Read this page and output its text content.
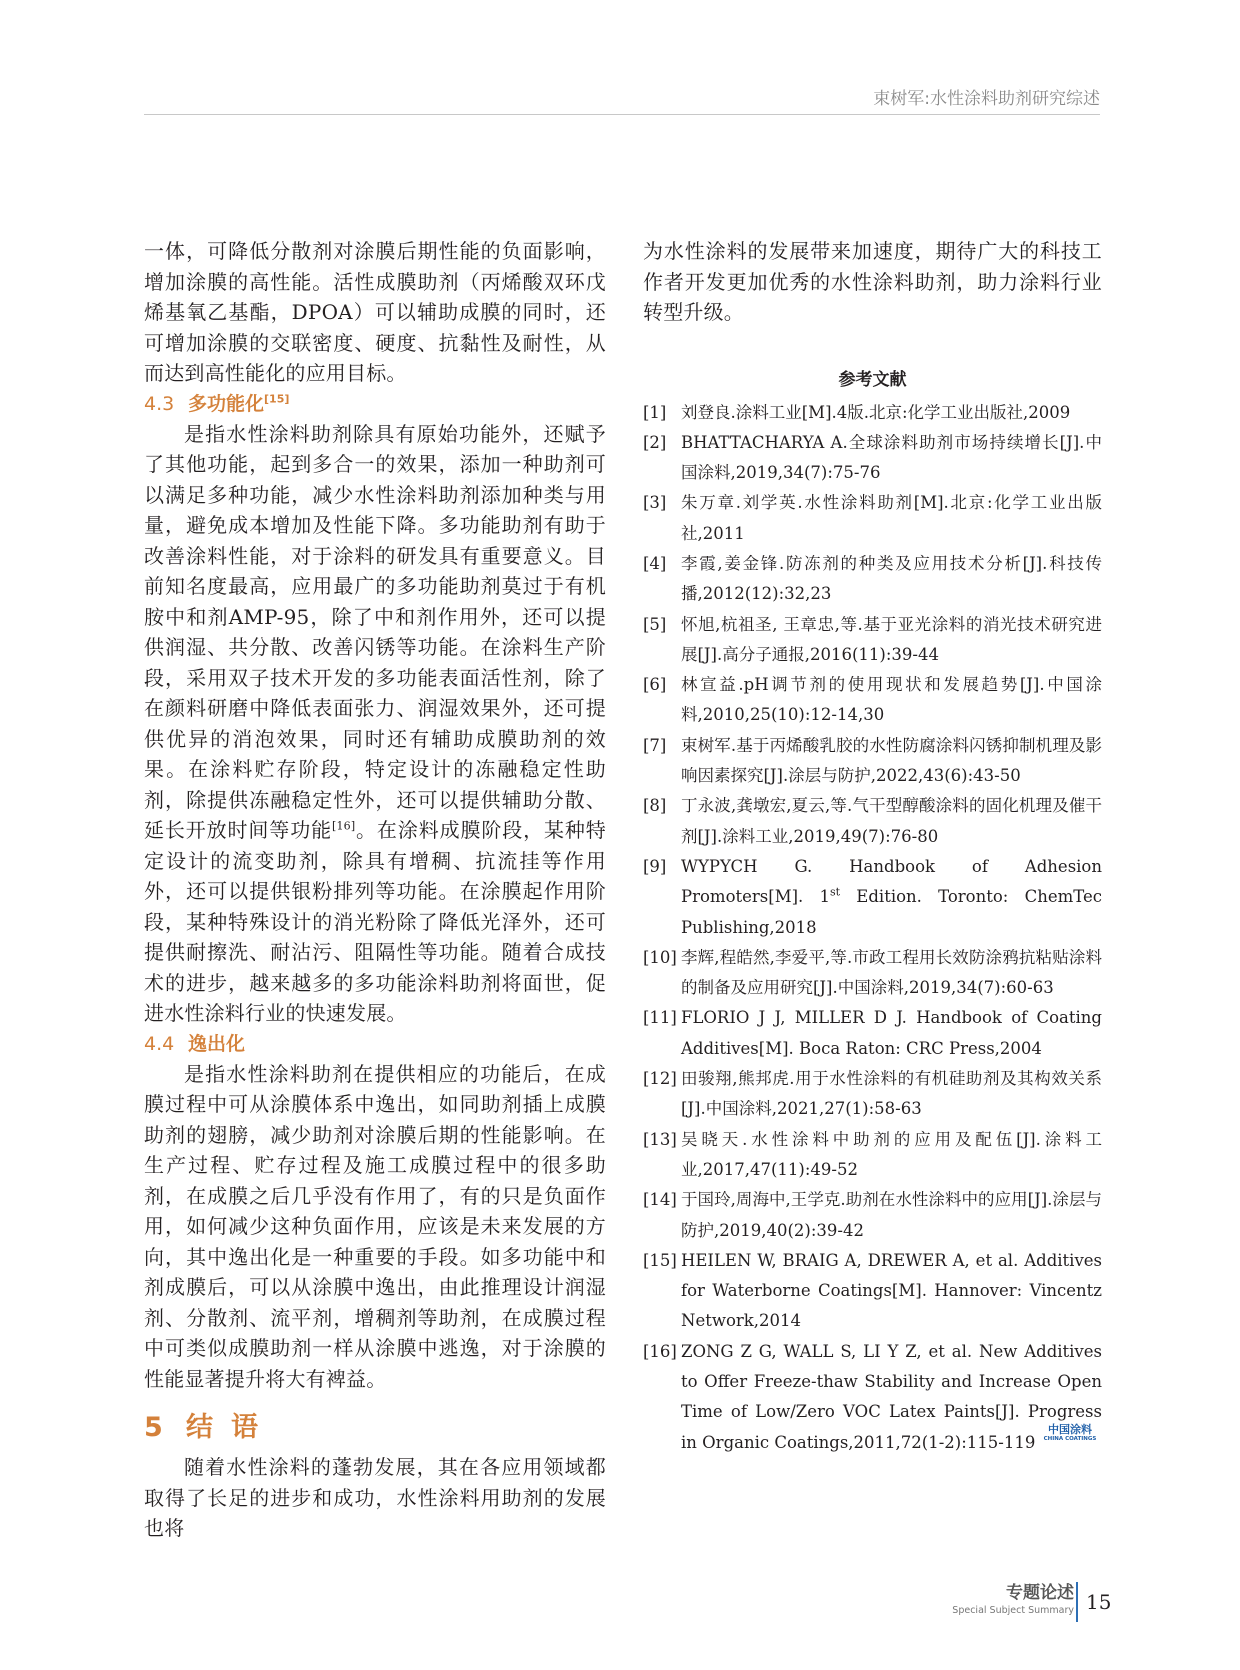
束树军:水性涂料助剂研究综述

一体，可降低分散剂对涂膜后期性能的负面影响，增加涂膜的高性能。活性成膜助剂（丙烯酸双环戊烯基氧乙基酯，DPOA）可以辅助成膜的同时，还可增加涂膜的交联密度、硬度、抗黏性及耐性，从而达到高性能化的应用目标。

4.3 多功能化[15]

是指水性涂料助剂除具有原始功能外，还赋予了其他功能，起到多合一的效果，添加一种助剂可以满足多种功能，减少水性涂料助剂添加种类与用量，避免成本增加及性能下降。多功能助剂有助于改善涂料性能，对于涂料的研发具有重要意义。目前知名度最高，应用最广的多功能助剂莫过于有机胺中和剂AMP-95，除了中和剂作用外，还可以提供润湿、共分散、改善闪锈等功能。在涂料生产阶段，采用双子技术开发的多功能表面活性剂，除了在颜料研磨中降低表面张力、润湿效果外，还可提供优异的消泡效果，同时还有辅助成膜助剂的效果。在涂料贮存阶段，特定设计的冻融稳定性助剂，除提供冻融稳定性外，还可以提供辅助分散、延长开放时间等功能[16]。在涂料成膜阶段，某种特定设计的流变助剂，除具有增稠、抗流挂等作用外，还可以提供银粉排列等功能。在涂膜起作用阶段，某种特殊设计的消光粉除了降低光泽外，还可提供耐擦洗、耐沾污、阻隔性等功能。随着合成技术的进步，越来越多的多功能涂料助剂将面世，促进水性涂料行业的快速发展。

4.4 逸出化

是指水性涂料助剂在提供相应的功能后，在成膜过程中可从涂膜体系中逸出，如同助剂插上成膜助剂的翅膀，减少助剂对涂膜后期的性能影响。在生产过程、贮存过程及施工成膜过程中的很多助剂，在成膜之后几乎没有作用了，有的只是负面作用，如何减少这种负面作用，应该是未来发展的方向，其中逸出化是一种重要的手段。如多功能中和剂成膜后，可以从涂膜中逸出，由此推理设计润湿剂、分散剂、流平剂，增稠剂等助剂，在成膜过程中可类似成膜助剂一样从涂膜中逃逸，对于涂膜的性能显著提升将大有裨益。

5 结语

随着水性涂料的蓬勃发展，其在各应用领域都取得了长足的进步和成功，水性涂料用助剂的发展也将

为水性涂料的发展带来加速度，期待广大的科技工作者开发更加优秀的水性涂料助剂，助力涂料行业转型升级。

参考文献
[1] 刘登良.涂料工业[M].4版.北京:化学工业出版社,2009
[2] BHATTACHARYA A.全球涂料助剂市场持续增长[J].中国涂料,2019,34(7):75-76
[3] 朱万章.刘学英.水性涂料助剂[M].北京:化学工业出版社,2011
[4] 李霞,姜金锋.防冻剂的种类及应用技术分析[J].科技传播,2012(12):32,23
[5] 怀旭,杭祖圣, 王章忠,等.基于亚光涂料的消光技术研究进展[J].高分子通报,2016(11):39-44
[6] 林宣益.pH调节剂的使用现状和发展趋势[J].中国涂料,2010,25(10):12-14,30
[7] 束树军.基于丙烯酸乳胶的水性防腐涂料闪锈抑制机理及影响因素探究[J].涂层与防护,2022,43(6):43-50
[8] 丁永波,龚墩宏,夏云,等.气干型醇酸涂料的固化机理及催干剂[J].涂料工业,2019,49(7):76-80
[9] WYPYCH G. Handbook of Adhesion Promoters[M]. 1st Edition. Toronto: ChemTec Publishing,2018
[10] 李辉,程皓然,李爱平,等.市政工程用长效防涂鸦抗粘贴涂料的制备及应用研究[J].中国涂料,2019,34(7):60-63
[11] FLORIO J J, MILLER D J. Handbook of Coating Additives[M]. Boca Raton: CRC Press,2004
[12] 田骏翔,熊邦虎.用于水性涂料的有机硅助剂及其构效关系[J].中国涂料,2021,27(1):58-63
[13] 吴晓天.水性涂料中助剂的应用及配伍[J].涂料工业,2017,47(11):49-52
[14] 于国玲,周海中,王学克.助剂在水性涂料中的应用[J].涂层与防护,2019,40(2):39-42
[15] HEILEN W, BRAIG A, DREWER A, et al. Additives for Waterborne Coatings[M]. Hannover: Vincentz Network,2014
[16] ZONG Z G, WALL S, LI Y Z, et al. New Additives to Offer Freeze-thaw Stability and Increase Open Time of Low/Zero VOC Latex Paints[J]. Progress in Organic Coatings,2011,72(1-2):115-119
中国涂料
CHINA COATINGS
专题论述
Special Subject Summary 15
